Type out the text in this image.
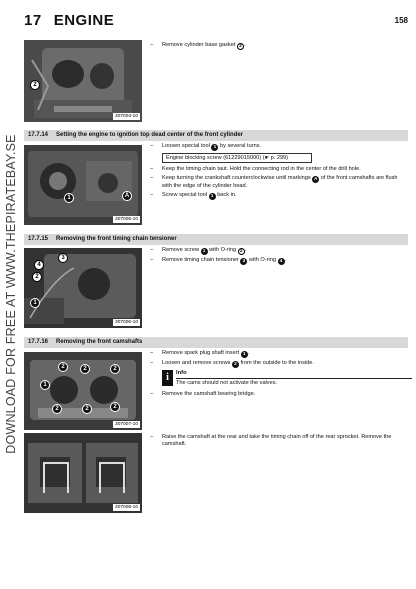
DOWNLOAD FOR FREE AT WWW.THEPIRATEBAY.SE
17 ENGINE	158
2
307004-10
– Remove cylinder base gasket 2 .
17.7.14 Setting the engine to ignition top dead center of the front cylinder
1	A
307005-10
– Loosen special tool 1 by several turns.
Engine blocking screw (61229015000) (☛ p. 299)
– Keep the timing chain taut. Hold the connecting rod in the center of the drill hole.
– Keep turning the crankshaft counterclockwise until markings A of the front camshafts are flush with the edge of the cylinder head.
– Screw special tool 1 back in.
17.7.15 Removing the front timing chain tensioner
4
3
2
1
307006-10
– Remove screw 1 with O-ring 2 .
– Remove timing chain tensioner 3 with O-ring 4 .
17.7.16 Removing the front camshafts
2	2	2
1
2	2	2
307007-10
307008-10
– Remove spark plug shaft insert 1 .
– Loosen and remove screws 2 from the outside to the inside.
i	Info
The cams should not activate the valves.
– Remove the camshaft bearing bridge.
– Raise the camshaft at the rear and take the timing chain off of the rear sprocket. Remove the camshaft.
